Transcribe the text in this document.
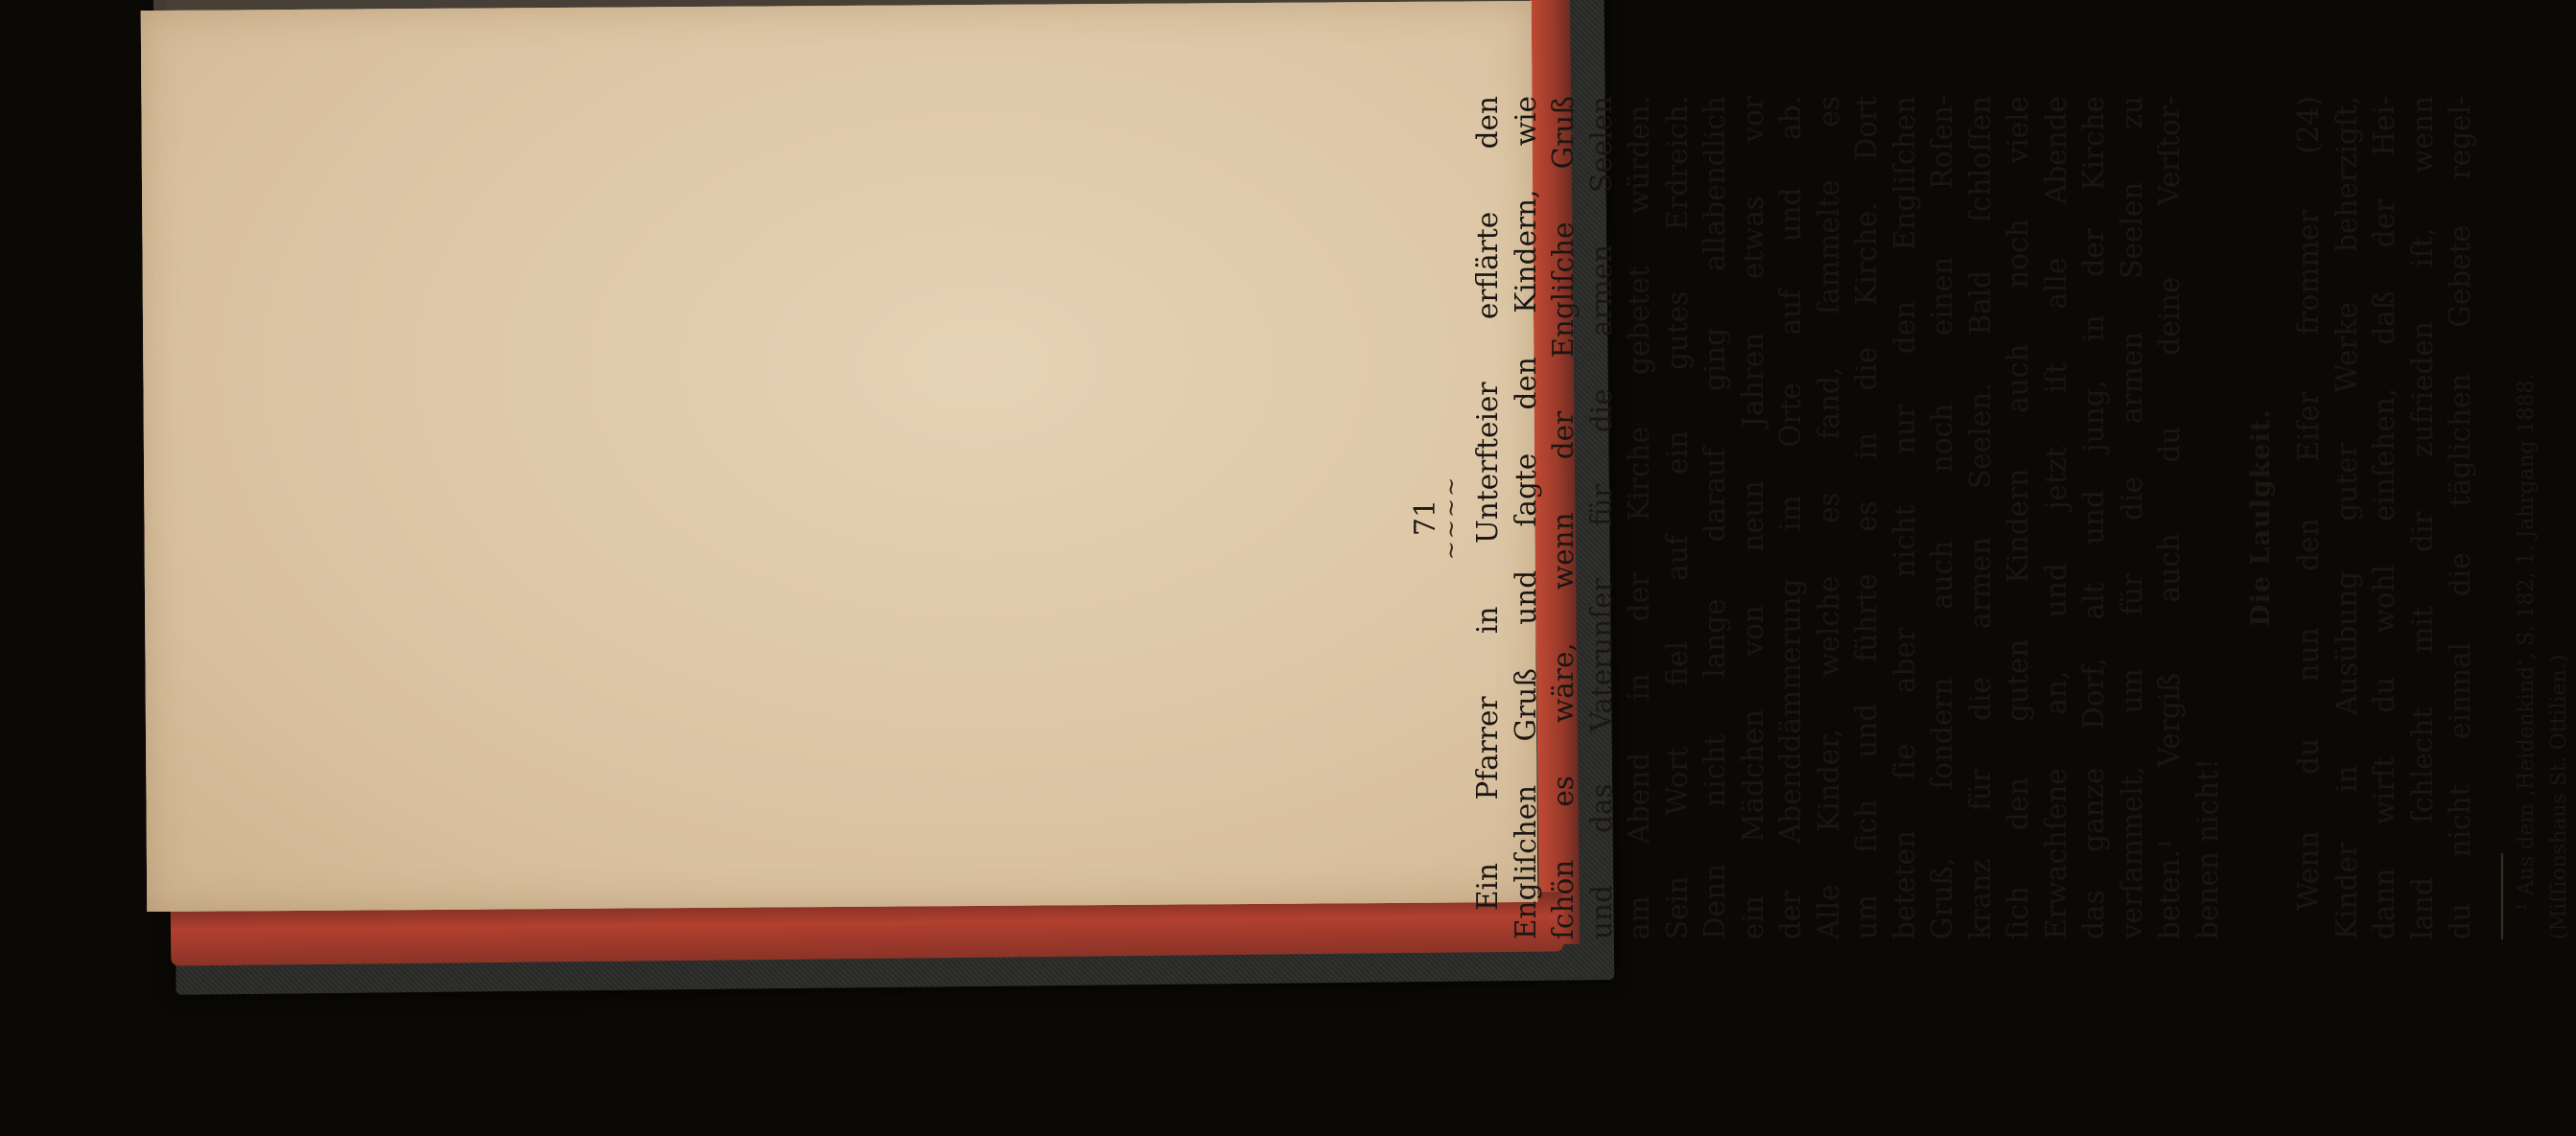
71
~~~~ Ein Pfarrer in Unterfteier erflärte den Engliſchen Gruß und ſagte den Kindern, wie ſchön es wäre, wenn der Engliſche Gruß und das Vaterunſer für die armen Seelen am Abend in der Kirche gebetet würden. Sein Wort fiel auf ein gutes Erdreich. Denn nicht lange darauf ging allabendlich ein Mädchen von neun Jahren etwas vor der Abenddämmerung im Orte auf und ab. Alle Kinder, welche es fand, ſammelte es um ſich und führte es in die Kirche. Dort beteten ſie aber nicht nur den Engliſchen Gruß, ſondern auch noch einen Roſen- kranz für die armen Seelen. Bald ſchloſſen ſich den guten Kindern auch noch viele Erwachſene an, und jetzt iſt alle Abende das ganze Dorf, alt und jung, in der Kirche verſammelt, um für die armen Seelen zu beten.¹ Vergiß auch du deine Verſtor- benen nicht!
Die Laulgkeit. Wenn du nun den Eifer frommer (24) Kinder in Ausübung guter Werke beherzigſt, dann wirſt du wohl einſehen, daß der Hei- land ſchlecht mit dir zufrieden iſt, wenn du nicht einmal die täglichen Gebete regel- ¹ Aus dem ‚Heidenkind‘, S. 182, 1. Jahrgang 1888. (Miſſionshaus St. Ottilien.)
